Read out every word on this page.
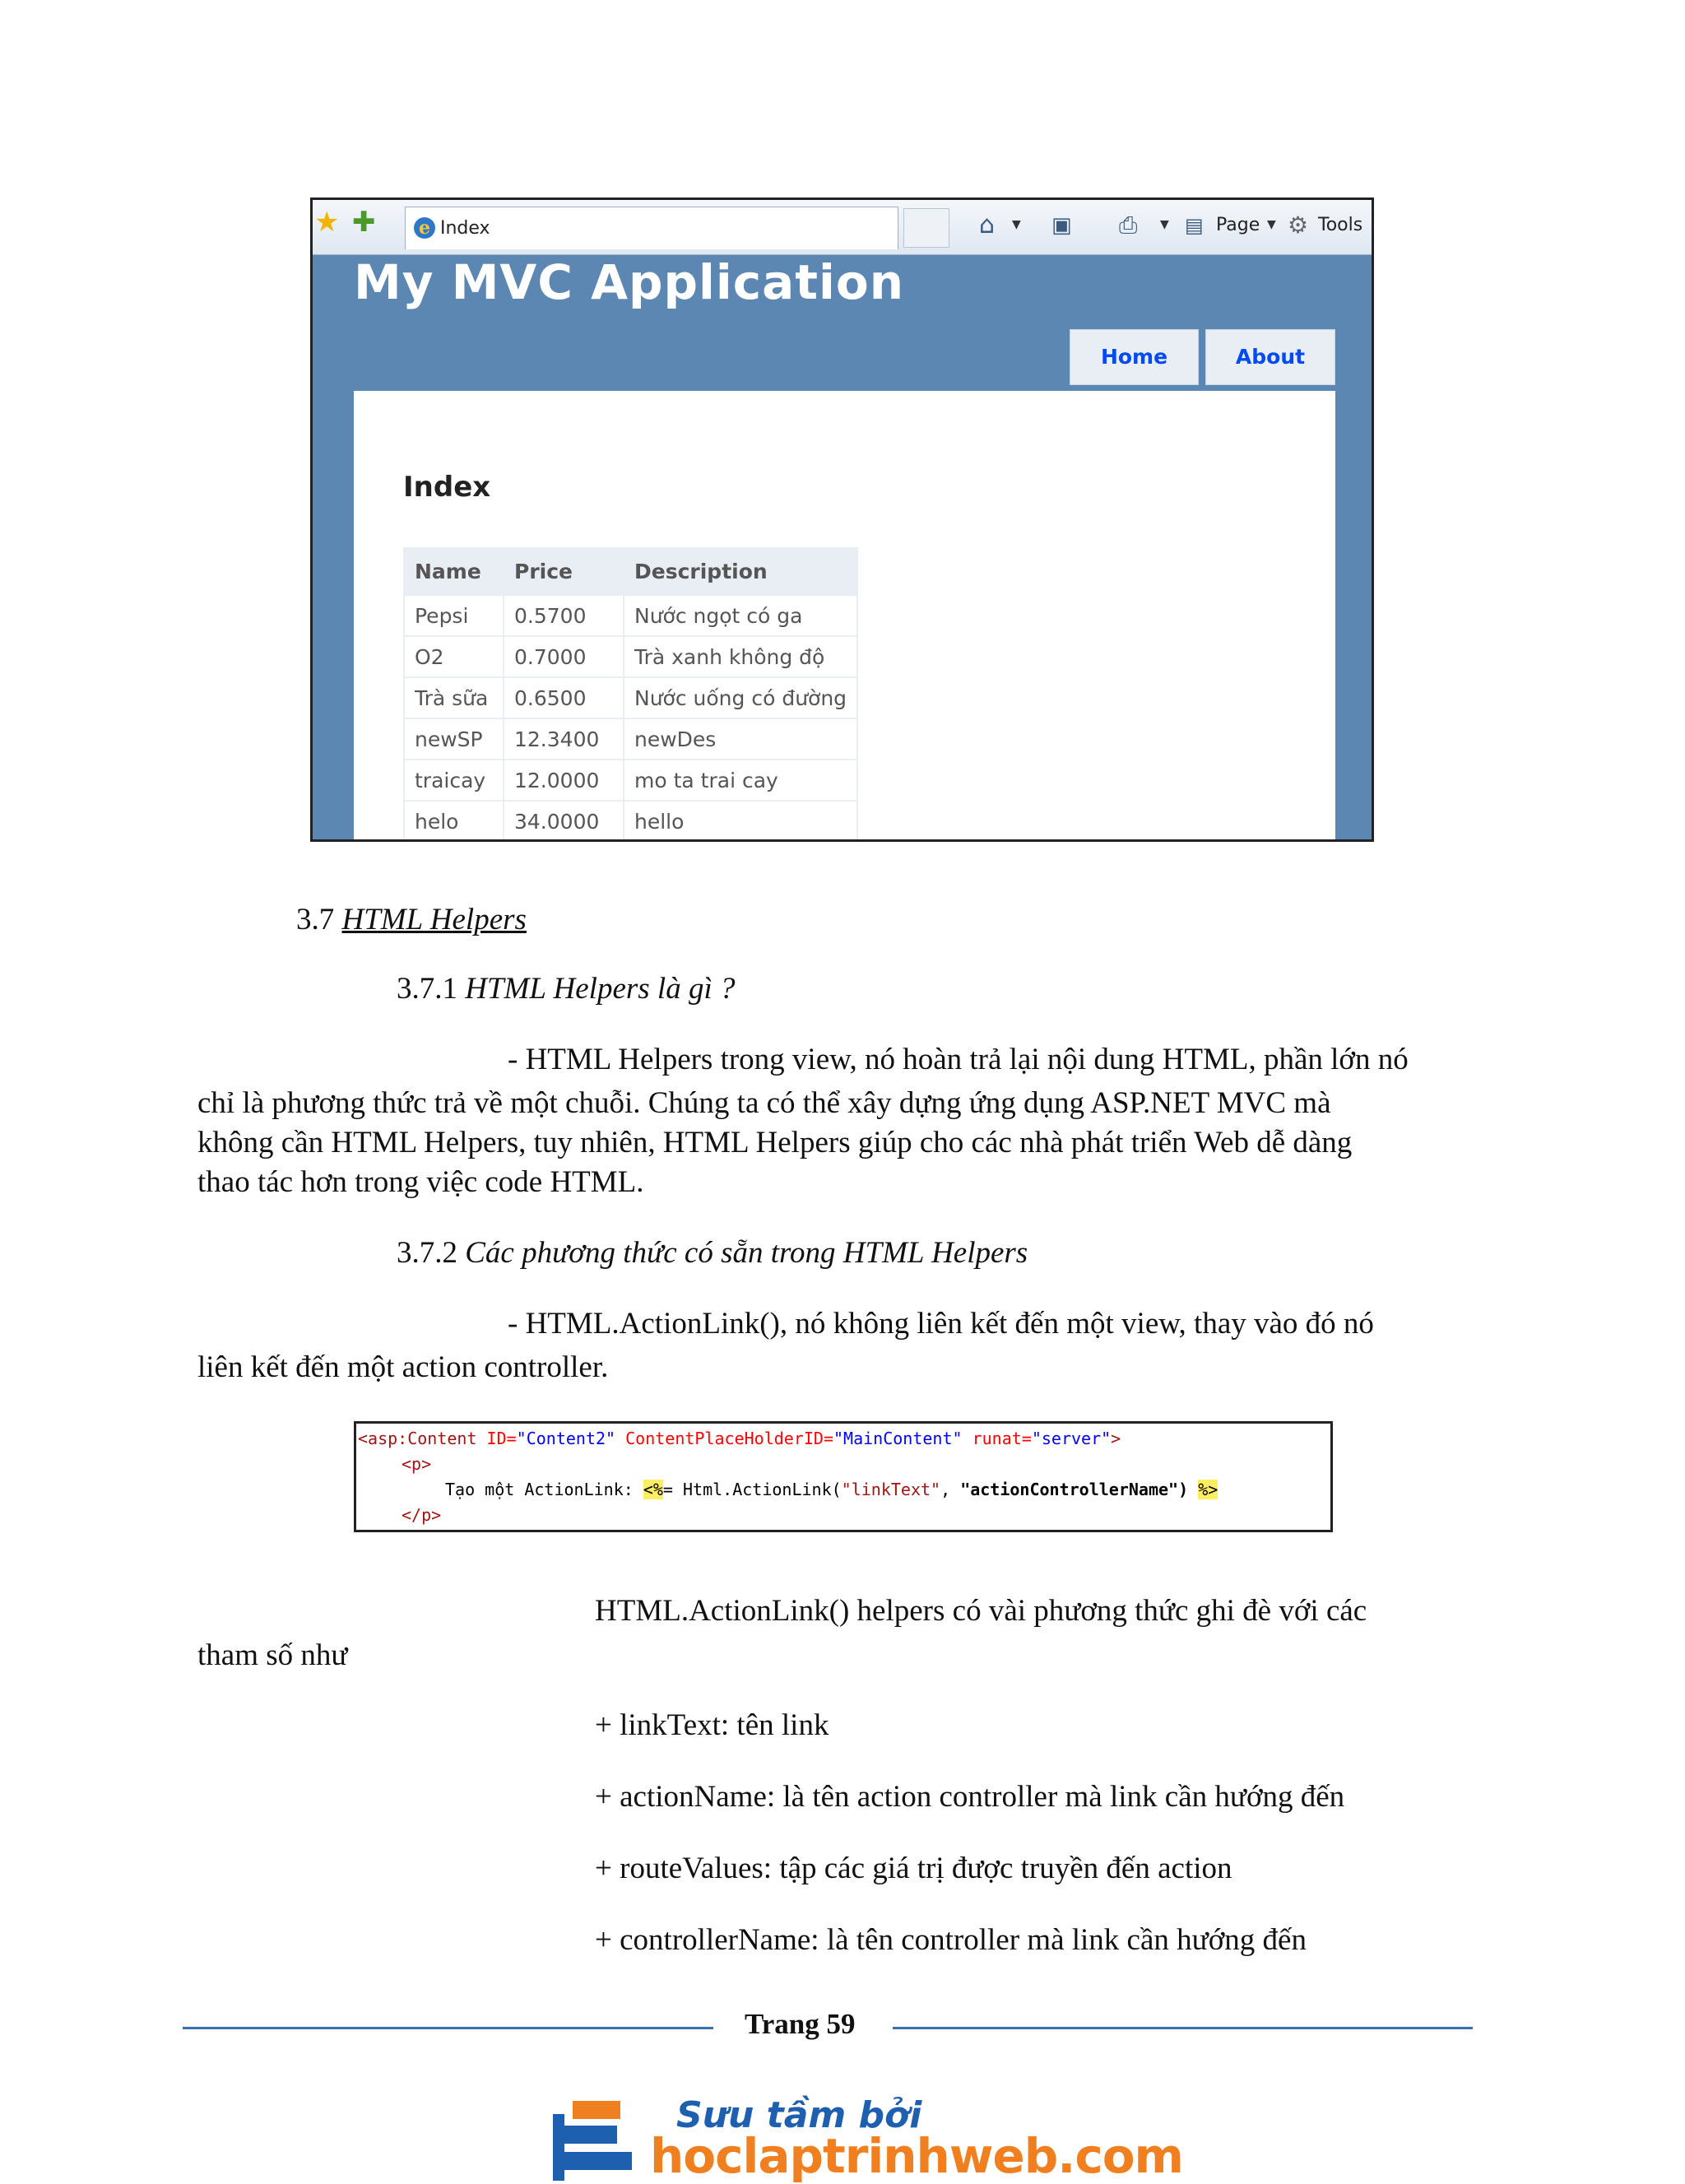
★ ✚ e Index	⌂ ▼ ▣ ⎙ ▼ ▤ Page ▼ ⚙ Tools
My MVC Application
Home	About
Index
Name	Price	Description
Pepsi	0.5700	Nước ngọt có ga
O2	0.7000	Trà xanh không độ
Trà sữa	0.6500	Nước uống có đường
newSP	12.3400	newDes
traicay	12.0000	mo ta trai cay
helo	34.0000	hello
3.7 HTML Helpers
3.7.1 HTML Helpers là gì ?
- HTML Helpers trong view, nó hoàn trả lại nội dung HTML, phần lớn nó
chỉ là phương thức trả về một chuỗi. Chúng ta có thể xây dựng ứng dụng ASP.NET MVC mà
không cần HTML Helpers, tuy nhiên, HTML Helpers giúp cho các nhà phát triển Web dễ dàng
thao tác hơn trong việc code HTML.
3.7.2 Các phương thức có sẵn trong HTML Helpers
- HTML.ActionLink(), nó không liên kết đến một view, thay vào đó nó
liên kết đến một action controller.
<asp:Content ID="Content2" ContentPlaceHolderID="MainContent" runat="server">
<p>
Tạo một ActionLink: <%= Html.ActionLink("linkText", "actionControllerName") %>
</p>
HTML.ActionLink() helpers có vài phương thức ghi đè với các
tham số như
+ linkText: tên link
+ actionName: là tên action controller mà link cần hướng đến
+ routeValues: tập các giá trị được truyền đến action
+ controllerName: là tên controller mà link cần hướng đến
Trang 59
Sưu tầm bởi
hoclaptrinhweb.com
